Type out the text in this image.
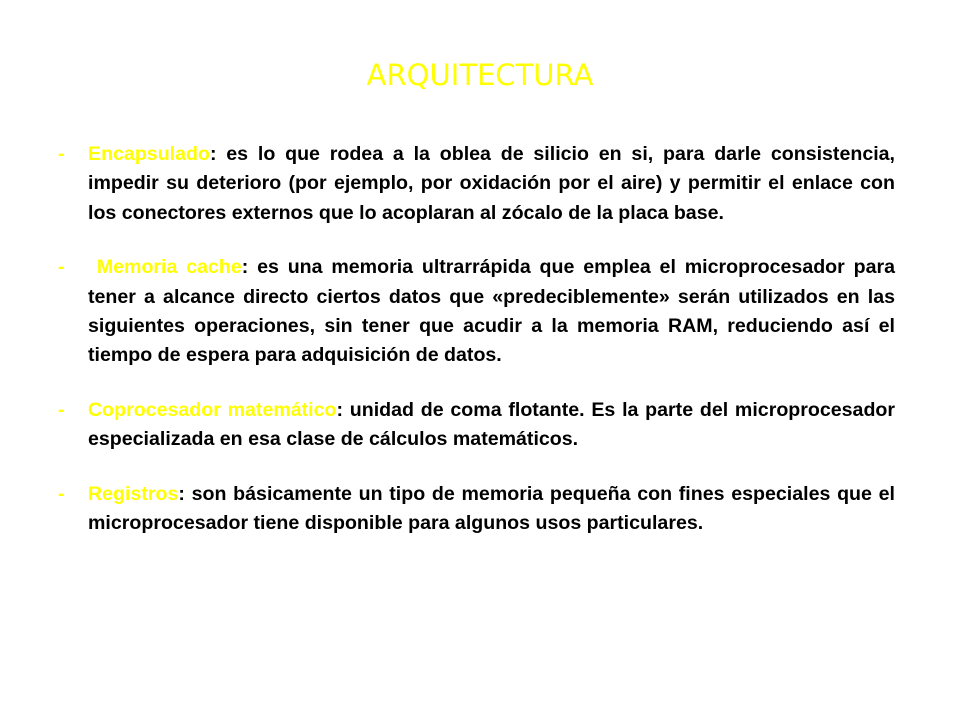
ARQUITECTURA
- Encapsulado: es lo que rodea a la oblea de silicio en si, para darle consistencia, impedir su deterioro (por ejemplo, por oxidación por el aire) y permitir el enlace con los conectores externos que lo acoplaran al zócalo de la placa base.
- Memoria cache: es una memoria ultrarrápida que emplea el microprocesador para tener a alcance directo ciertos datos que «predeciblemente» serán utilizados en las siguientes operaciones, sin tener que acudir a la memoria RAM, reduciendo así el tiempo de espera para adquisición de datos.
- Coprocesador matemático: unidad de coma flotante. Es la parte del microprocesador especializada en esa clase de cálculos matemáticos.
- Registros: son básicamente un tipo de memoria pequeña con fines especiales que el microprocesador tiene disponible para algunos usos particulares.
